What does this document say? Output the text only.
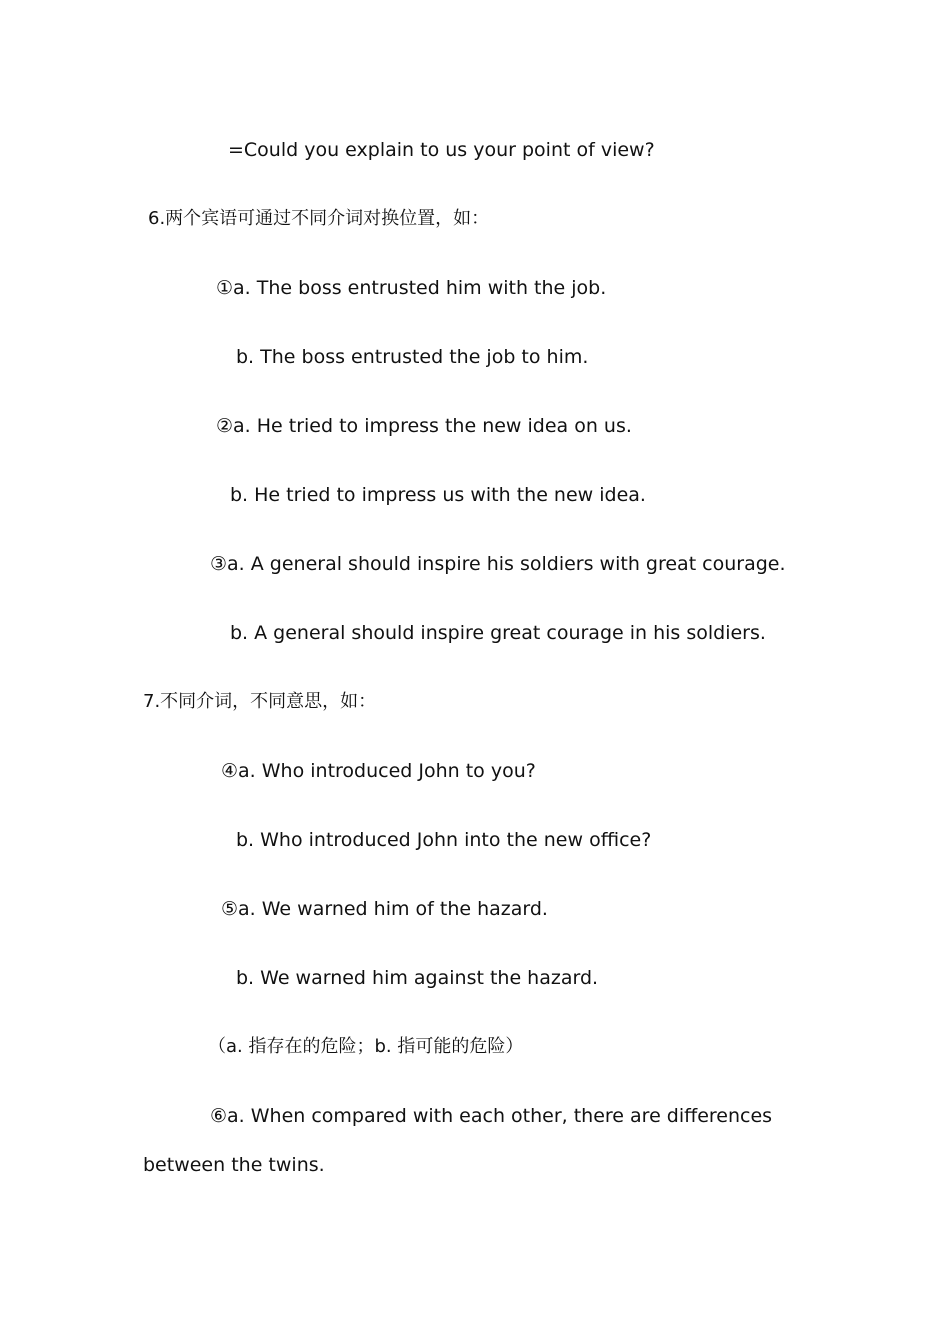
=Could you explain to us your point of view?
6.两个宾语可通过不同介词对换位置，如：
①a. The boss entrusted him with the job.
b. The boss entrusted the job to him.
②a. He tried to impress the new idea on us.
b. He tried to impress us with the new idea.
③a. A general should inspire his soldiers with great courage.
b. A general should inspire great courage in his soldiers.
7.不同介词，不同意思，如：
④a. Who introduced John to you?
b. Who introduced John into the new office?
⑤a. We warned him of the hazard.
b. We warned him against the hazard.
（a. 指存在的危险；b. 指可能的危险）
⑥a. When compared with each other, there are differences
between the twins.
